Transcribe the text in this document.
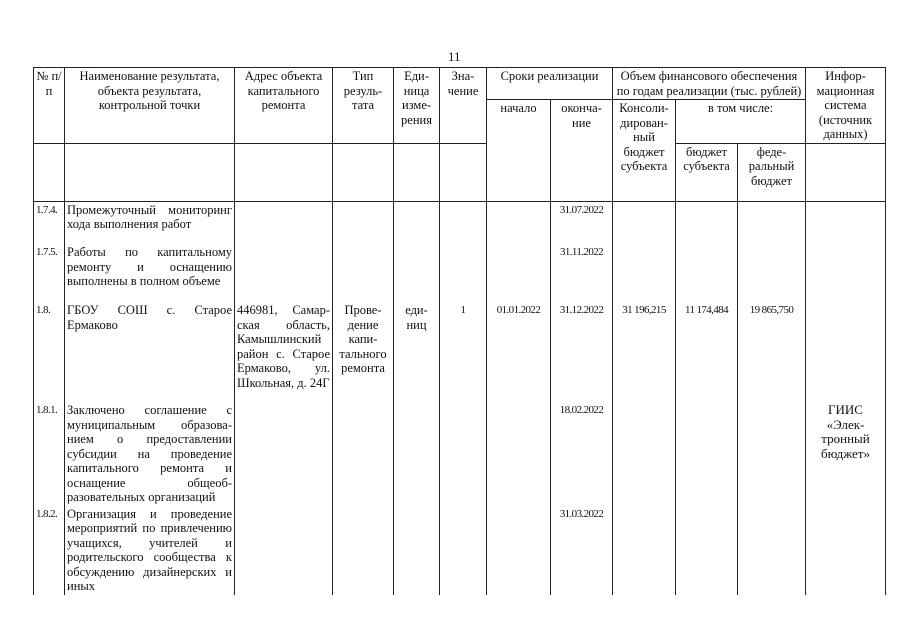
11
№ п/п	Наименование результата, объекта результата, контрольной точки	Адрес объекта капитального ремонта	Тип резуль-тата	Еди-ница изме-рения	Зна-чение	Сроки реализации		Объем финансового обеспечения по годам реализации (тыс. рублей)			Инфор-мационная система (источник данных)
						начало	оконча-ние	Консоли-дирован-ный бюджет субъекта	в том числе:		
									бюджет субъекта	феде-ральный бюджет	
1.7.4.	Промежуточный мониторинг хода выполнения работ						31.07.2022				
1.7.5.	Работы по капитальному ремонту и оснащению выполнены в полном объеме						31.11.2022				
1.8.	ГБОУ СОШ с. Старое Ермаково	446981, Самар-ская область, Камышлинский район с. Старое Ермаково, ул. Школьная, д. 24Г	Прове-дение капи-тального ремонта	еди-ниц	1	01.01.2022	31.12.2022	31 196,215	11 174,484	19 865,750	
1.8.1.	Заключено соглашение с муниципальным образова-нием о предоставлении субсидии на проведение капитального ремонта и оснащение общеоб-разовательных организаций						18.02.2022				ГИИС «Элек-тронный бюджет»
1.8.2.	Организация и проведение мероприятий по привлечению учащихся, учителей и родительского сообщества к обсуждению дизайнерских и иных						31.03.2022				
